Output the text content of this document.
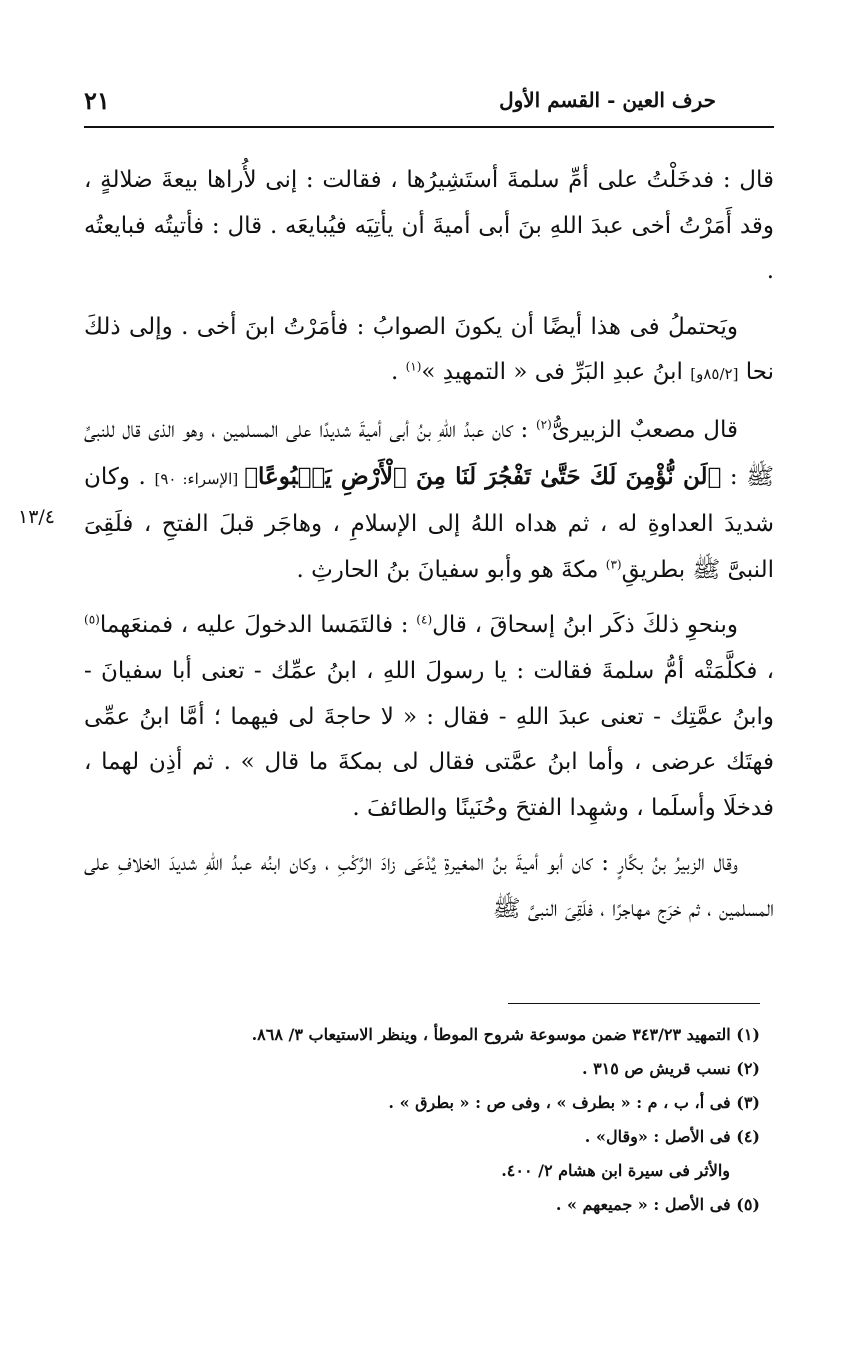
٢١	حرف العين - القسم الأول
١٣/٤

قال : فدخَلْتُ على أمِّ سلمةَ أستَشِيرُها ، فقالت : إنى لأُراها بيعةَ ضلالةٍ ، وقد أَمَرْتُ أخى عبدَ اللهِ بنَ أبى أميةَ أن يأتِيَه فيُبايعَه . قال : فأتيتُه فبايعتُه .

ويَحتملُ فى هذا أيضًا أن يكونَ الصوابُ : فأمَرْتُ ابنَ أخى . وإلى ذلكَ نحا [٨٥/٢و] ابنُ عبدِ البَرِّ فى « التمهيدِ »$^{(١)}$ .

قال مصعبٌ الزبيرىُّ$^{(٢)}$ : كان عبدُ اللهِ بنُ أبى أميةَ شديدًا على المسلمين ، وهو الذى قال للنبىِّ ﷺ : ﴿لَن نُّؤْمِنَ لَكَ حَتَّىٰ تَفْجُرَ لَنَا مِنَ ٱلْأَرْضِ يَنۢبُوعًا﴾ [الإسراء: ٩٠] . وكان شديدَ العداوةِ له ، ثم هداه اللهُ إلى الإسلامِ ، وهاجَر قبلَ الفتحِ ، فلَقِىَ النبىَّ ﷺ بطريقِ$^{(٣)}$ مكةَ هو وأبو سفيانَ بنُ الحارثِ .

وبنحوِ ذلكَ ذكَر ابنُ إسحاقَ ، قال$^{(٤)}$ : فالتَمَسا الدخولَ عليه ، فمنعَهما$^{(٥)}$ ، فكلَّمَتْه أمُّ سلمةَ فقالت : يا رسولَ اللهِ ، ابنُ عمِّك - تعنى أبا سفيانَ - وابنُ عمَّتِك - تعنى عبدَ اللهِ - فقال : « لا حاجةَ لى فيهما ؛ أمَّا ابنُ عمِّى فهتَك عرضى ، وأما ابنُ عمَّتى فقال لى بمكةَ ما قال » . ثم أذِن لهما ، فدخلَا وأسلَما ، وشهِدا الفتحَ وحُنَينًا والطائفَ .

وقال الزبيرُ بنُ بكَّارٍ : كان أبو أميةَ بنُ المغيرةِ يُدْعَى زادَ الرَّكْبِ ، وكان ابنُه عبدُ اللهِ شديدَ الخلافِ على المسلمين ، ثم خرَج مهاجرًا ، فلَقِىَ النبىَّ ﷺ

(١) التمهيد ٣٤٣/٢٣ ضمن موسوعة شروح الموطأ ، وينظر الاستيعاب ٣/ ٨٦٨.

(٢) نسب قريش ص ٣١٥ .

(٣) فى أ، ب ، م : « بطرف » ، وفى ص : « بطرق » .

(٤) فى الأصل : «وقال» .

والأثر فى سيرة ابن هشام ٢/ ٤٠٠.

(٥) فى الأصل : « جميعهم » .
